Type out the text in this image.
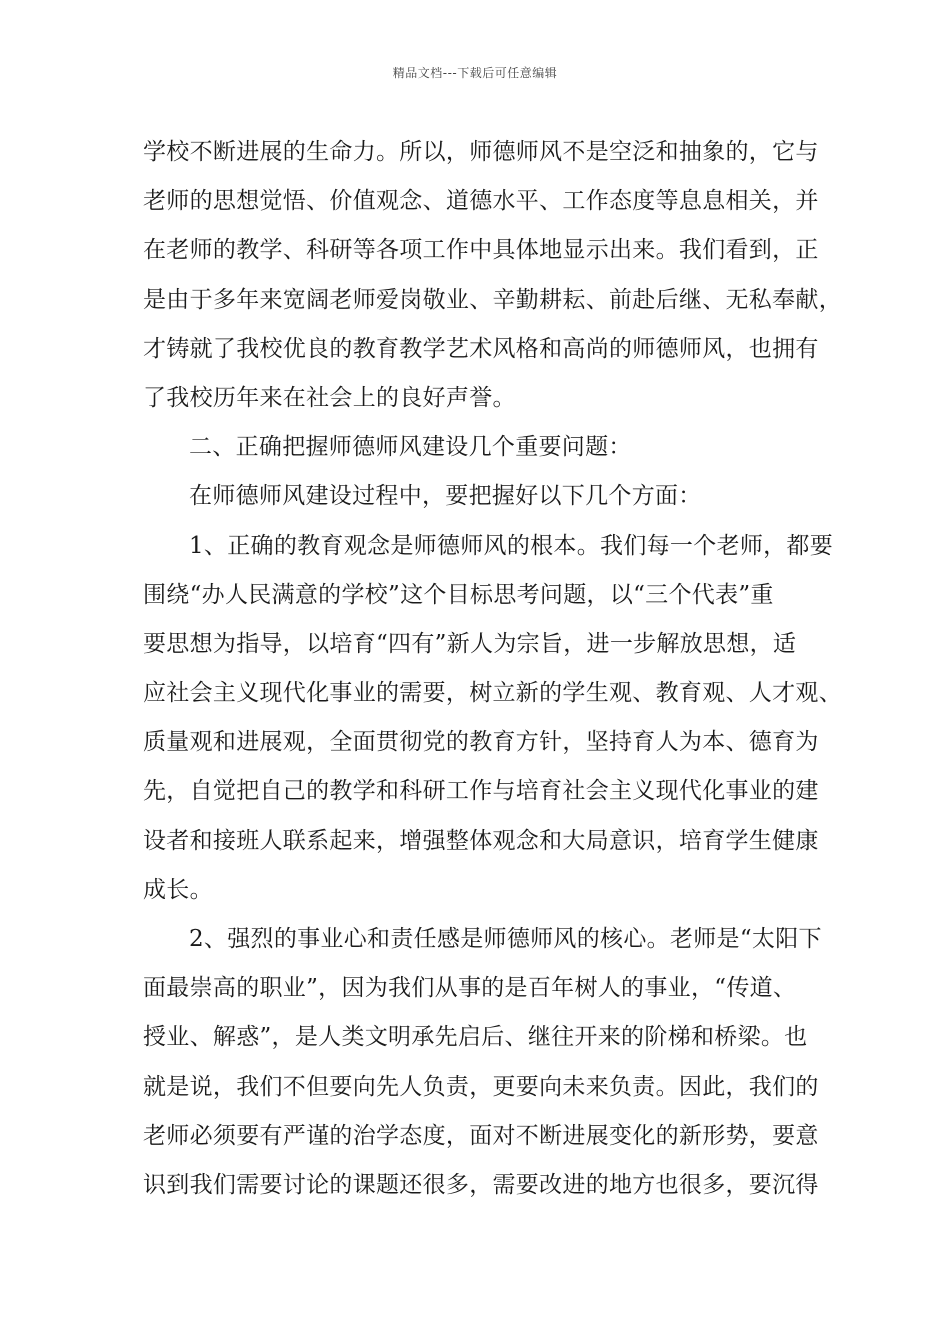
精品文档---下载后可任意编辑
学校不断进展的生命力。所以，师德师风不是空泛和抽象的，它与
老师的思想觉悟、价值观念、道德水平、工作态度等息息相关，并
在老师的教学、科研等各项工作中具体地显示出来。我们看到，正
是由于多年来宽阔老师爱岗敬业、辛勤耕耘、前赴后继、无私奉献，
才铸就了我校优良的教育教学艺术风格和高尚的师德师风，也拥有
了我校历年来在社会上的良好声誉。
二、正确把握师德师风建设几个重要问题：
在师德师风建设过程中，要把握好以下几个方面：
1、正确的教育观念是师德师风的根本。我们每一个老师，都要
围绕“办人民满意的学校”这个目标思考问题，以“三个代表”重
要思想为指导，以培育“四有”新人为宗旨，进一步解放思想，适
应社会主义现代化事业的需要，树立新的学生观、教育观、人才观、
质量观和进展观，全面贯彻党的教育方针，坚持育人为本、德育为
先，自觉把自己的教学和科研工作与培育社会主义现代化事业的建
设者和接班人联系起来，增强整体观念和大局意识，培育学生健康
成长。
2、强烈的事业心和责任感是师德师风的核心。老师是“太阳下
面最崇高的职业”，因为我们从事的是百年树人的事业，“传道、
授业、解惑”，是人类文明承先启后、继往开来的阶梯和桥梁。也
就是说，我们不但要向先人负责，更要向未来负责。因此，我们的
老师必须要有严谨的治学态度，面对不断进展变化的新形势，要意
识到我们需要讨论的课题还很多，需要改进的地方也很多，要沉得
